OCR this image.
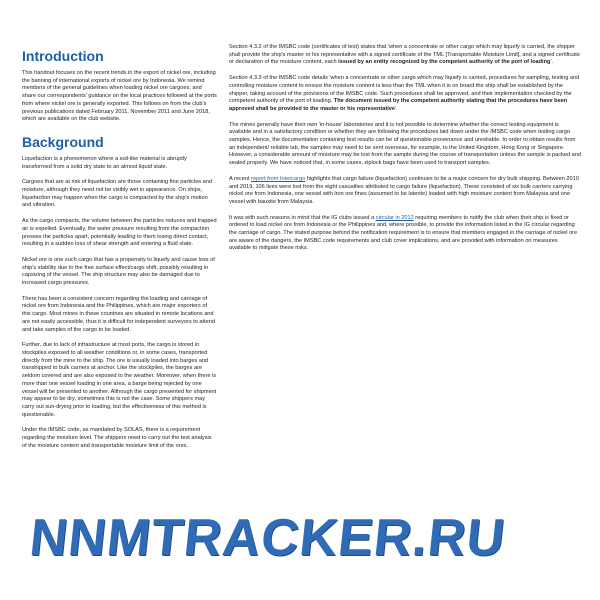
Introduction

This handout focuses on the recent trends in the export of nickel ore, including the banning of international exports of nickel ore by Indonesia. We remind members of the general guidelines when loading nickel ore cargoes, and share our correspondents' guidance on the local practices followed at the ports from where nickel ore is generally exported. This follows on from the club's previous publications dated February 2011, November 2011 and June 2018, which are available on the club website.

Background

Liquefaction is a phenomenon where a soil-like material is abruptly transformed from a solid dry state to an almost liquid state.

Cargoes that are at risk of liquefaction are those containing fine particles and moisture, although they need not be visibly wet in appearance. On ships, liquefaction may happen when the cargo is compacted by the ship's motion and vibration.

As the cargo compacts, the volume between the particles reduces and trapped air is expelled. Eventually, the water pressure resulting from the compaction presses the particles apart, potentially leading to them losing direct contact, resulting in a sudden loss of shear strength and entering a fluid state.

Nickel ore is one such cargo that has a propensity to liquefy and cause loss of ship's stability due to the free surface effect/cargo shift, possibly resulting in capsizing of the vessel. The ship structure may also be damaged due to increased cargo pressures.

There has been a consistent concern regarding the loading and carriage of nickel ore from Indonesia and the Philippines, which are major exporters of this cargo. Most mines in these countries are situated in remote locations and are not easily accessible, thus it is difficult for independent surveyors to attend and take samples of the cargo to be loaded.

Further, due to lack of infrastructure at most ports, the cargo is stored in stockpiles exposed to all weather conditions or, in some cases, transported directly from the mine to the ship. The ore is usually loaded into barges and transhipped to bulk carriers at anchor. Like the stockpiles, the barges are seldom covered and are also exposed to the weather. Moreover, when there is more than one vessel loading in one area, a barge being rejected by one vessel will be presented to another. Although the cargo presented for shipment may appear to be dry, sometimes this is not the case. Some shippers may carry out sun-drying prior to loading, but the effectiveness of this method is questionable.

Under the IMSBC code, as mandated by SOLAS, there is a requirement regarding the moisture level. The shippers need to carry out the test analysis of the moisture content and transportable moisture limit of the ores.

Section 4.3.2 of the IMSBC code (certificates of test) states that 'when a concentrate or other cargo which may liquefy is carried, the shipper shall provide the ship's master or his representative with a signed certificate of the TML [Transportable Moisture Limit], and a signed certificate or declaration of the moisture content, each issued by an entity recognized by the competent authority of the port of loading'.

Section 4.3.3 of the IMSBC code details 'when a concentrate or other cargo which may liquefy is carried, procedures for sampling, testing and controlling moisture content to ensure the moisture content is less than the TML when it is on board the ship shall be established by the shipper, taking account of the provisions of the IMSBC code. Such procedures shall be approved, and their implementation checked by the competent authority of the port of loading. The document issued by the competent authority stating that the procedures have been approved shall be provided to the master or his representative'.

The mines generally have their own 'in-house' laboratories and it is not possible to determine whether the correct testing equipment is available and in a satisfactory condition or whether they are following the procedures laid down under the IMSBC code when testing cargo samples. Hence, the documentation containing test results can be of questionable provenance and unreliable. In order to obtain results from an independent/ reliable lab, the samples may need to be sent overseas, for example, to the United Kingdom, Hong Kong or Singapore. However, a considerable amount of moisture may be lost from the sample during the course of transportation unless the sample is packed and sealed properly. We have noticed that, in some cases, ziplock bags have been used to transport samples.

A recent report from Intercargo highlights that cargo failure (liquefaction) continues to be a major concern for dry bulk shipping. Between 2010 and 2019, 106 lives were lost from the eight casualties attributed to cargo failure (liquefaction). These consisted of six bulk carriers carrying nickel ore from Indonesia, one vessel with iron ore fines (assumed to be laterite) loaded with high moisture content from Malaysia and one vessel with bauxite from Malaysia.

It was with such reasons in mind that the IG clubs issued a circular in 2012 requiring members to notify the club when their ship is fixed or ordered to load nickel ore from Indonesia or the Philippines and, where possible, to provide the information listed in the IG circular regarding the carriage of cargo. The stated purpose behind the notification requirement is to ensure that members engaged in the carriage of nickel ore are aware of the dangers, the IMSBC code requirements and club cover implications, and are provided with information on measures available to mitigate these risks.

NNMTRACKER.RU
